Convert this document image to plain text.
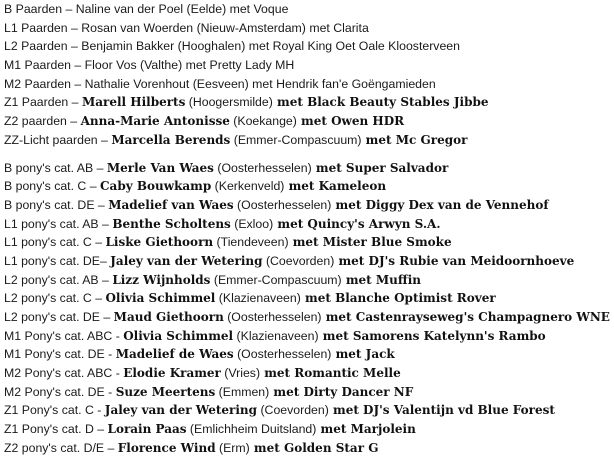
B Paarden – Naline van der Poel (Eelde) met Voque
L1 Paarden – Rosan van Woerden (Nieuw-Amsterdam) met Clarita
L2 Paarden – Benjamin Bakker (Hooghalen) met Royal King Oet Oale Kloosterveen
M1 Paarden – Floor Vos (Valthe) met Pretty Lady MH
M2 Paarden – Nathalie Vorenhout (Eesveen) met Hendrik fan'e Goëngamieden
Z1 Paarden – Marell Hilberts (Hoogersmilde) met Black Beauty Stables Jibbe
Z2 paarden – Anna-Marie Antonisse (Koekange) met Owen HDR
ZZ-Licht paarden – Marcella Berends (Emmer-Compascuum) met Mc Gregor
B pony's cat. AB – Merle Van Waes (Oosterhesselen) met Super Salvador
B pony's cat. C – Caby Bouwkamp (Kerkenveld) met Kameleon
B pony's cat. DE – Madelief van Waes (Oosterhesselen) met Diggy Dex van de Vennehof
L1 pony's cat. AB – Benthe Scholtens (Exloo) met Quincy's Arwyn S.A.
L1 pony's cat. C – Liske Giethoorn (Tiendeveen) met Mister Blue Smoke
L1 pony's cat. DE– Jaley van der Wetering (Coevorden) met DJ's Rubie van Meidoornhoeve
L2 pony's cat. AB – Lizz Wijnholds (Emmer-Compascuum) met Muffin
L2 pony's cat. C – Olivia Schimmel (Klazienaveen) met Blanche Optimist Rover
L2 pony's cat. DE – Maud Giethoorn (Oosterhesselen) met Castenrayseweg's Champagnero WNE
M1 Pony's cat. ABC - Olivia Schimmel (Klazienaveen) met Samorens Katelynn's Rambo
M1 Pony's cat. DE - Madelief de Waes (Oosterhesselen) met Jack
M2 Pony's cat. ABC - Elodie Kramer (Vries) met Romantic Melle
M2 Pony's cat. DE - Suze Meertens (Emmen) met Dirty Dancer NF
Z1 Pony's cat. C - Jaley van der Wetering (Coevorden) met DJ's Valentijn vd Blue Forest
Z1 Pony's cat. D – Lorain Paas (Emlichheim Duitsland) met Marjolein
Z2 pony's cat. D/E – Florence Wind (Erm) met Golden Star G
